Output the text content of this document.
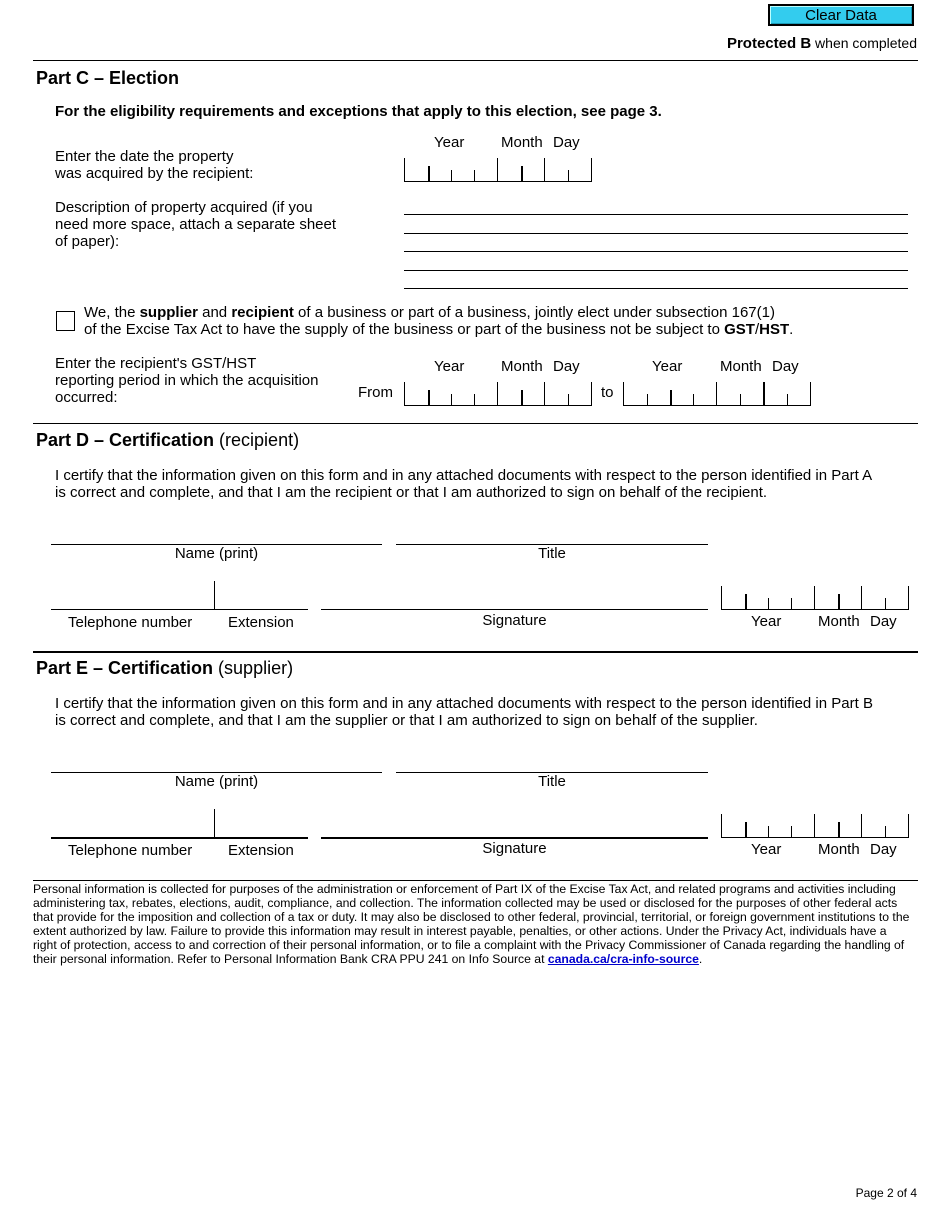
Clear Data
Protected B when completed
Part C – Election
For the eligibility requirements and exceptions that apply to this election, see page 3.
Year Month Day
Enter the date the property
was acquired by the recipient:
Description of property acquired (if you
need more space, attach a separate sheet
of paper):
We, the supplier and recipient of a business or part of a business, jointly elect under subsection 167(1)
of the Excise Tax Act to have the supply of the business or part of the business not be subject to GST/HST.
Enter the recipient's GST/HST
reporting period in which the acquisition
occurred:
Year Month Day	Year	Month Day
From	to
Part D – Certification (recipient)
I certify that the information given on this form and in any attached documents with respect to the person identified in Part A
is correct and complete, and that I am the recipient or that I am authorized to sign on behalf of the recipient.
Name (print)	Title
Telephone number Extension	Signature	Year Month Day
Part E – Certification (supplier)
I certify that the information given on this form and in any attached documents with respect to the person identified in Part B
is correct and complete, and that I am the supplier or that I am authorized to sign on behalf of the supplier.
Name (print)	Title
Telephone number Extension	Signature	Year Month Day
Personal information is collected for purposes of the administration or enforcement of Part IX of the Excise Tax Act, and related programs and activities including administering tax, rebates, elections, audit, compliance, and collection. The information collected may be used or disclosed for the purposes of other federal acts that provide for the imposition and collection of a tax or duty. It may also be disclosed to other federal, provincial, territorial, or foreign government institutions to the extent authorized by law. Failure to provide this information may result in interest payable, penalties, or other actions. Under the Privacy Act, individuals have a right of protection, access to and correction of their personal information, or to file a complaint with the Privacy Commissioner of Canada regarding the handling of their personal information. Refer to Personal Information Bank CRA PPU 241 on Info Source at canada.ca/cra-info-source.
Page 2 of 4
